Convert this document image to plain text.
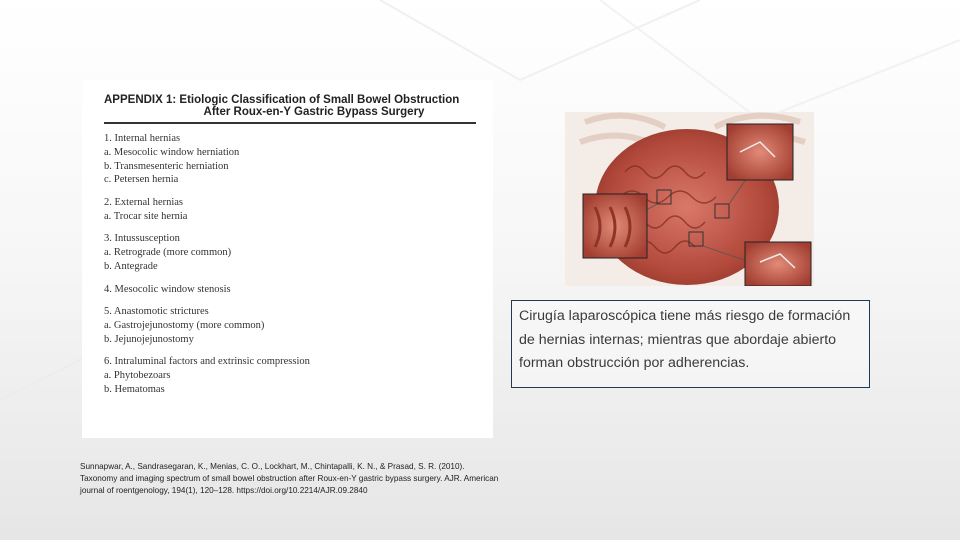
APPENDIX 1: Etiologic Classification of Small Bowel Obstruction
After Roux-en-Y Gastric Bypass Surgery
1. Internal hernias
a. Mesocolic window herniation
b. Transmesenteric herniation
c. Petersen hernia
2. External hernias
a. Trocar site hernia
3. Intussusception
a. Retrograde (more common)
b. Antegrade
4. Mesocolic window stenosis
5. Anastomotic strictures
a. Gastrojejunostomy (more common)
b. Jejunojejunostomy
6. Intraluminal factors and extrinsic compression
a. Phytobezoars
b. Hematomas
Cirugía laparoscópica tiene más riesgo de formación de hernias internas; mientras que abordaje abierto forman obstrucción por adherencias.
Sunnapwar, A., Sandrasegaran, K., Menias, C. O., Lockhart, M., Chintapalli, K. N., & Prasad, S. R. (2010).
Taxonomy and imaging spectrum of small bowel obstruction after Roux-en-Y gastric bypass surgery. AJR. American
journal of roentgenology, 194(1), 120–128. https://doi.org/10.2214/AJR.09.2840
